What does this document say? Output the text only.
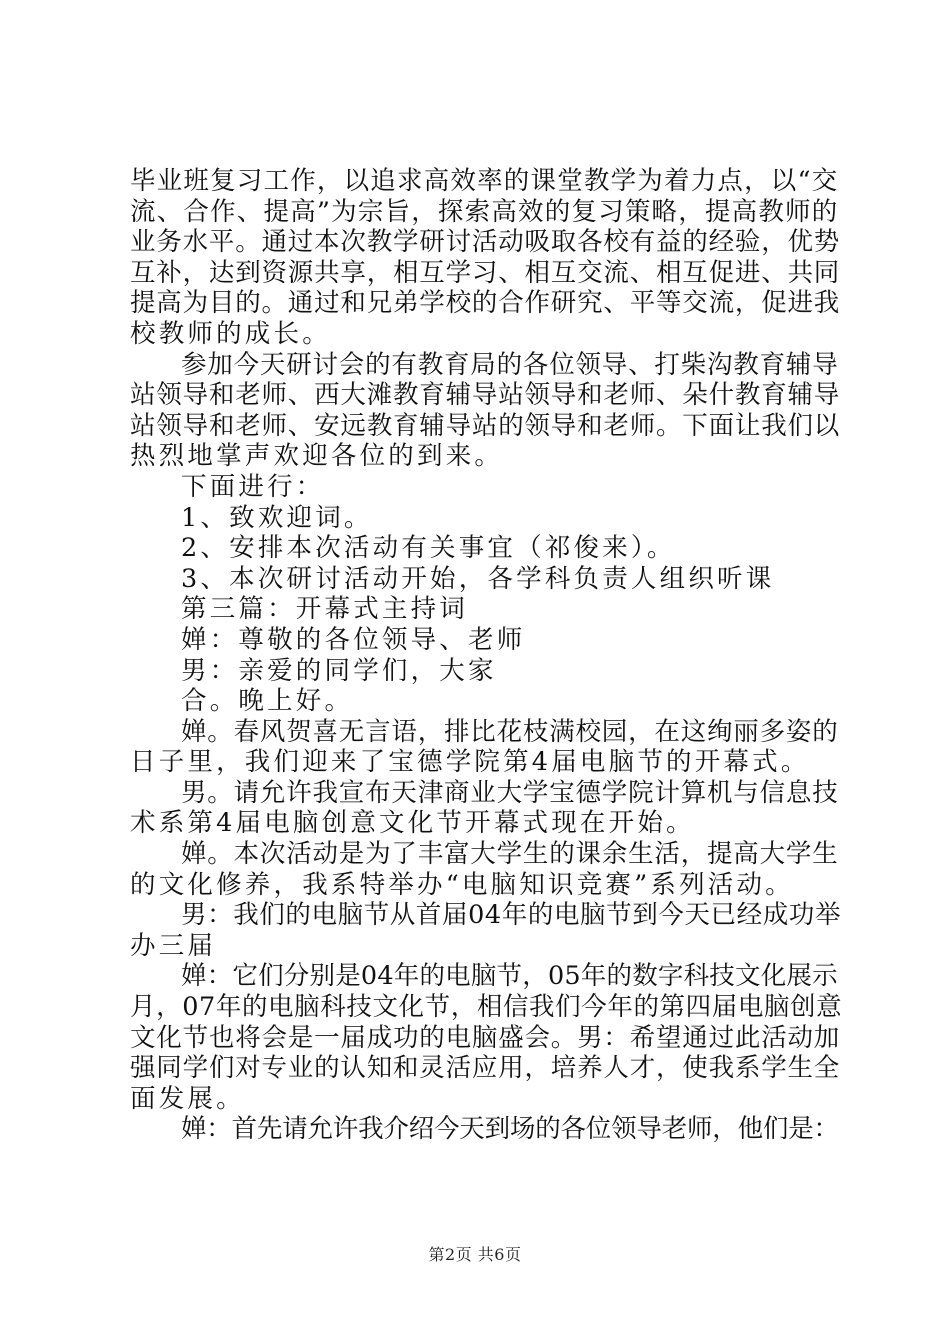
毕业班复习工作，以追求高效率的课堂教学为着力点，以“交
流、合作、提高”为宗旨，探索高效的复习策略，提高教师的
业务水平。通过本次教学研讨活动吸取各校有益的经验，优势
互补，达到资源共享，相互学习、相互交流、相互促进、共同
提高为目的。通过和兄弟学校的合作研究、平等交流，促进我
校教师的成长。
参加今天研讨会的有教育局的各位领导、打柴沟教育辅导
站领导和老师、西大滩教育辅导站领导和老师、朵什教育辅导
站领导和老师、安远教育辅导站的领导和老师。下面让我们以
热烈地掌声欢迎各位的到来。
下面进行：
1、致欢迎词。
2、安排本次活动有关事宜（祁俊来）。
3、本次研讨活动开始，各学科负责人组织听课
第三篇：开幕式主持词
婵：尊敬的各位领导、老师
男：亲爱的同学们，大家
合。晚上好。
婵。春风贺喜无言语，排比花枝满校园，在这绚丽多姿的
日子里，我们迎来了宝德学院第4届电脑节的开幕式。
男。请允许我宣布天津商业大学宝德学院计算机与信息技
术系第4届电脑创意文化节开幕式现在开始。
婵。本次活动是为了丰富大学生的课余生活，提高大学生
的文化修养，我系特举办“电脑知识竞赛”系列活动。
男：我们的电脑节从首届04年的电脑节到今天已经成功举
办三届
婵：它们分别是04年的电脑节，05年的数字科技文化展示
月，07年的电脑科技文化节，相信我们今年的第四届电脑创意
文化节也将会是一届成功的电脑盛会。男：希望通过此活动加
强同学们对专业的认知和灵活应用，培养人才，使我系学生全
面发展。
婵：首先请允许我介绍今天到场的各位领导老师，他们是：
第2页 共6页
